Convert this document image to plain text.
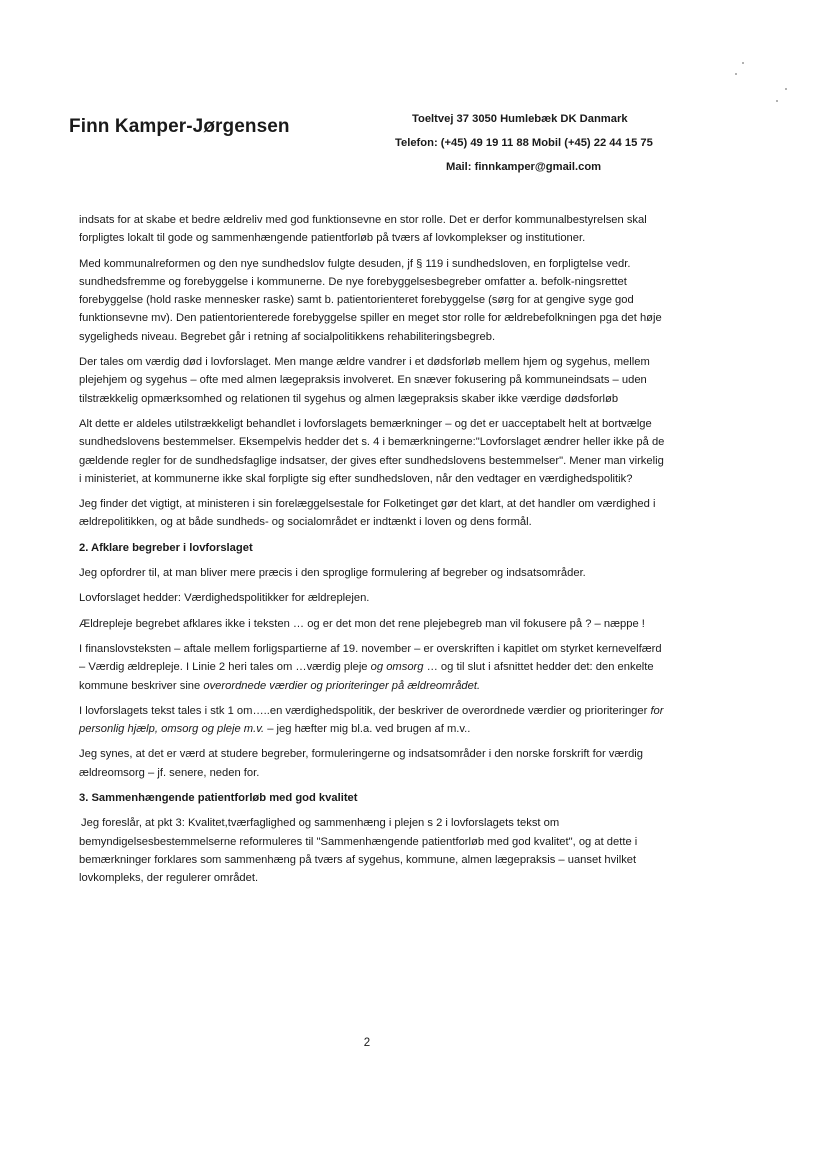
Finn Kamper-Jørgensen	Toeltvej 37 3050 Humlebæk DK Danmark
Telefon: (+45) 49 19 11 88 Mobil (+45) 22 44 15 75
Mail: finnkamper@gmail.com

indsats for at skabe et bedre ældreliv med god funktionsevne en stor rolle. Det er derfor kommunalbestyrelsen skal forpligtes lokalt til gode og sammenhængende patientforløb på tværs af lovkomplekser og institutioner.

Med kommunalreformen og den nye sundhedslov fulgte desuden, jf § 119 i sundhedsloven, en forpligtelse vedr. sundhedsfremme og forebyggelse i kommunerne. De nye forebyggelsesbegreber omfatter a. befolk-ningsrettet forebyggelse (hold raske mennesker raske) samt b. patientorienteret forebyggelse (sørg for at gengive syge god funktionsevne mv). Den patientorienterede forebyggelse spiller en meget stor rolle for ældrebefolkningen pga det høje sygeligheds niveau. Begrebet går i retning af socialpolitikkens rehabiliteringsbegreb.

Der tales om værdig død i lovforslaget. Men mange ældre vandrer i et dødsforløb mellem hjem og sygehus, mellem plejehjem og sygehus – ofte med almen lægepraksis involveret. En snæver fokusering på kommuneindsats – uden tilstrækkelig opmærksomhed og relationen til sygehus og almen lægepraksis skaber ikke værdige dødsforløb

Alt dette er aldeles utilstrækkeligt behandlet i lovforslagets bemærkninger – og det er uacceptabelt helt at bortvælge sundhedslovens bestemmelser. Eksempelvis hedder det s. 4 i bemærkningerne:"Lovforslaget ændrer heller ikke på de gældende regler for de sundhedsfaglige indsatser, der gives efter sundhedslovens bestemmelser". Mener man virkelig i ministeriet, at kommunerne ikke skal forpligte sig efter sundhedsloven, når den vedtager en værdighedspolitik?

Jeg finder det vigtigt, at ministeren i sin forelæggelsestale for Folketinget gør det klart, at det handler om værdighed i ældrepolitikken, og at både sundheds- og socialområdet er indtænkt i loven og dens formål.

2. Afklare begreber i lovforslaget

Jeg opfordrer til, at man bliver mere præcis i den sproglige formulering af begreber og indsatsområder.

Lovforslaget hedder: Værdighedspolitikker for ældreplejen.

Ældrepleje begrebet afklares ikke i teksten … og er det mon det rene plejebegreb man vil fokusere på ? – næppe !

I finanslovsteksten – aftale mellem forligspartierne af 19. november – er overskriften i kapitlet om styrket kernevelfærd – Værdig ældrepleje. I Linie 2 heri tales om …værdig pleje og omsorg … og til slut i afsnittet hedder det: den enkelte kommune beskriver sine overordnede værdier og prioriteringer på ældreområdet.

I lovforslagets tekst tales i stk 1 om…..en værdighedspolitik, der beskriver de overordnede værdier og prioriteringer for personlig hjælp, omsorg og pleje m.v. – jeg hæfter mig bl.a. ved brugen af m.v..

Jeg synes, at det er værd at studere begreber, formuleringerne og indsatsområder i den norske forskrift for værdig ældreomsorg – jf. senere, neden for.

3. Sammenhængende patientforløb med god kvalitet

Jeg foreslår, at pkt 3: Kvalitet,tværfaglighed og sammenhæng i plejen s 2 i lovforslagets tekst om bemyndigelsesbestemmelserne reformuleres til "Sammenhængende patientforløb med god kvalitet", og at dette i bemærkninger forklares som sammenhæng på tværs af sygehus, kommune, almen lægepraksis – uanset hvilket lovkompleks, der regulerer området.

2
